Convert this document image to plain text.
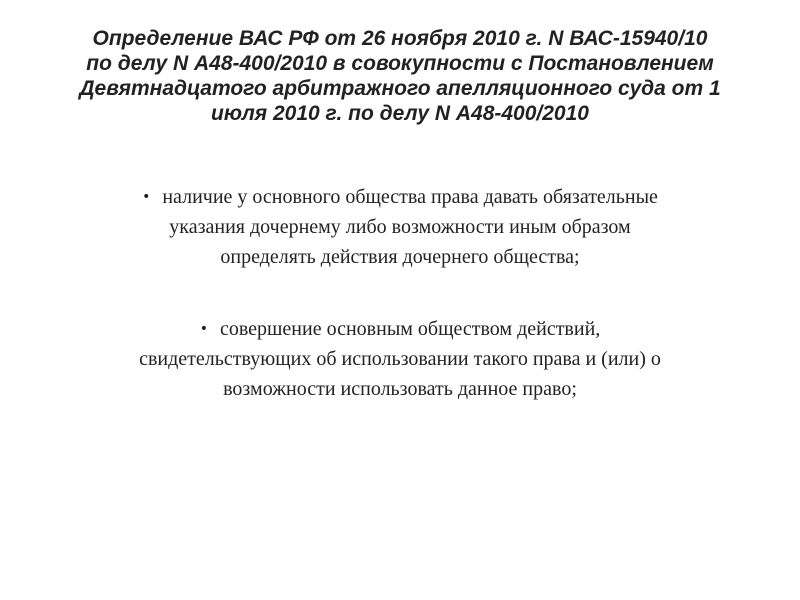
Определение ВАС РФ от 26 ноября 2010 г. N ВАС-15940/10
по делу N А48-400/2010 в совокупности с Постановлением
Девятнадцатого арбитражного апелляционного суда от 1
июля 2010 г. по делу N А48-400/2010
• наличие у основного общества права давать обязательные
указания дочернему либо возможности иным образом
определять действия дочернего общества;
• совершение основным обществом действий,
свидетельствующих об использовании такого права и (или) о
возможности использовать данное право;
